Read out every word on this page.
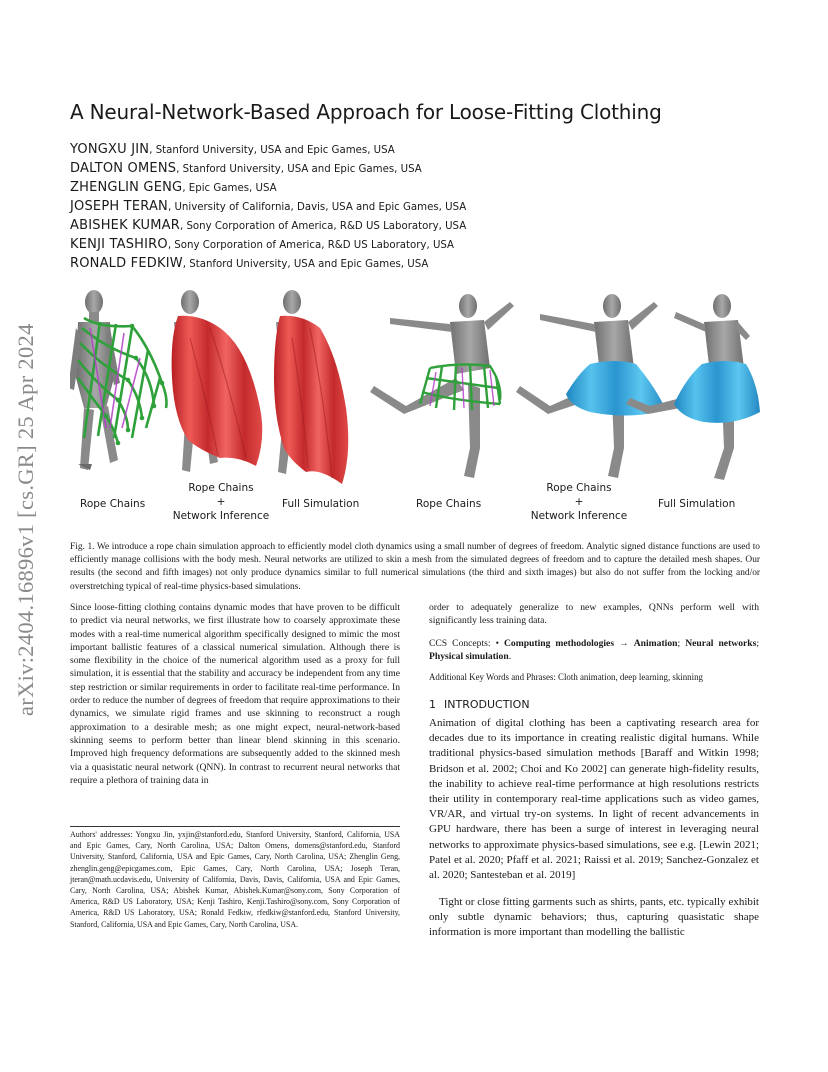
arXiv:2404.16896v1 [cs.GR] 25 Apr 2024
A Neural-Network-Based Approach for Loose-Fitting Clothing
YONGXU JIN, Stanford University, USA and Epic Games, USA
DALTON OMENS, Stanford University, USA and Epic Games, USA
ZHENGLIN GENG, Epic Games, USA
JOSEPH TERAN, University of California, Davis, USA and Epic Games, USA
ABISHEK KUMAR, Sony Corporation of America, R&D US Laboratory, USA
KENJI TASHIRO, Sony Corporation of America, R&D US Laboratory, USA
RONALD FEDKIW, Stanford University, USA and Epic Games, USA
Rope Chains
Rope Chains
+
Network Inference
Full Simulation	Rope Chains
Rope Chains
+
Network Inference
Full Simulation

Fig. 1. We introduce a rope chain simulation approach to efficiently model cloth dynamics using a small number of degrees of freedom. Analytic signed distance functions are used to efficiently manage collisions with the body mesh. Neural networks are utilized to skin a mesh from the simulated degrees of freedom and to capture the detailed mesh shapes. Our results (the second and fifth images) not only produce dynamics similar to full numerical simulations (the third and sixth images) but also do not suffer from the locking and/or overstretching typical of real-time physics-based simulations.

Since loose-fitting clothing contains dynamic modes that have proven to be difficult to predict via neural networks, we first illustrate how to coarsely approximate these modes with a real-time numerical algorithm specifically designed to mimic the most important ballistic features of a classical numerical simulation. Although there is some flexibility in the choice of the numerical algorithm used as a proxy for full simulation, it is essential that the stability and accuracy be independent from any time step restriction or similar requirements in order to facilitate real-time performance. In order to reduce the number of degrees of freedom that require approximations to their dynamics, we simulate rigid frames and use skinning to reconstruct a rough approximation to a desirable mesh; as one might expect, neural-network-based skinning seems to perform better than linear blend skinning in this scenario. Improved high frequency deformations are subsequently added to the skinned mesh via a quasistatic neural network (QNN). In contrast to recurrent neural networks that require a plethora of training data in

Authors' addresses: Yongxu Jin, yxjin@stanford.edu, Stanford University, Stanford, California, USA and Epic Games, Cary, North Carolina, USA; Dalton Omens, domens@stanford.edu, Stanford University, Stanford, California, USA and Epic Games, Cary, North Carolina, USA; Zhenglin Geng, zhenglin.geng@epicgames.com, Epic Games, Cary, North Carolina, USA; Joseph Teran, jteran@math.ucdavis.edu, University of California, Davis, Davis, California, USA and Epic Games, Cary, North Carolina, USA; Abishek Kumar, Abishek.Kumar@sony.com, Sony Corporation of America, R&D US Laboratory, USA; Kenji Tashiro, Kenji.Tashiro@sony.com, Sony Corporation of America, R&D US Laboratory, USA; Ronald Fedkiw, rfedkiw@stanford.edu, Stanford University, Stanford, California, USA and Epic Games, Cary, North Carolina, USA.

order to adequately generalize to new examples, QNNs perform well with significantly less training data.

CCS Concepts: • Computing methodologies → Animation; Neural networks; Physical simulation.

Additional Key Words and Phrases: Cloth animation, deep learning, skinning

1 INTRODUCTION

Animation of digital clothing has been a captivating research area for decades due to its importance in creating realistic digital humans. While traditional physics-based simulation methods [Baraff and Witkin 1998; Bridson et al. 2002; Choi and Ko 2002] can generate high-fidelity results, the inability to achieve real-time performance at high resolutions restricts their utility in contemporary real-time applications such as video games, VR/AR, and virtual try-on systems. In light of recent advancements in GPU hardware, there has been a surge of interest in leveraging neural networks to approximate physics-based simulations, see e.g. [Lewin 2021; Patel et al. 2020; Pfaff et al. 2021; Raissi et al. 2019; Sanchez-Gonzalez et al. 2020; Santesteban et al. 2019]

Tight or close fitting garments such as shirts, pants, etc. typically exhibit only subtle dynamic behaviors; thus, capturing quasistatic shape information is more important than modelling the ballistic
